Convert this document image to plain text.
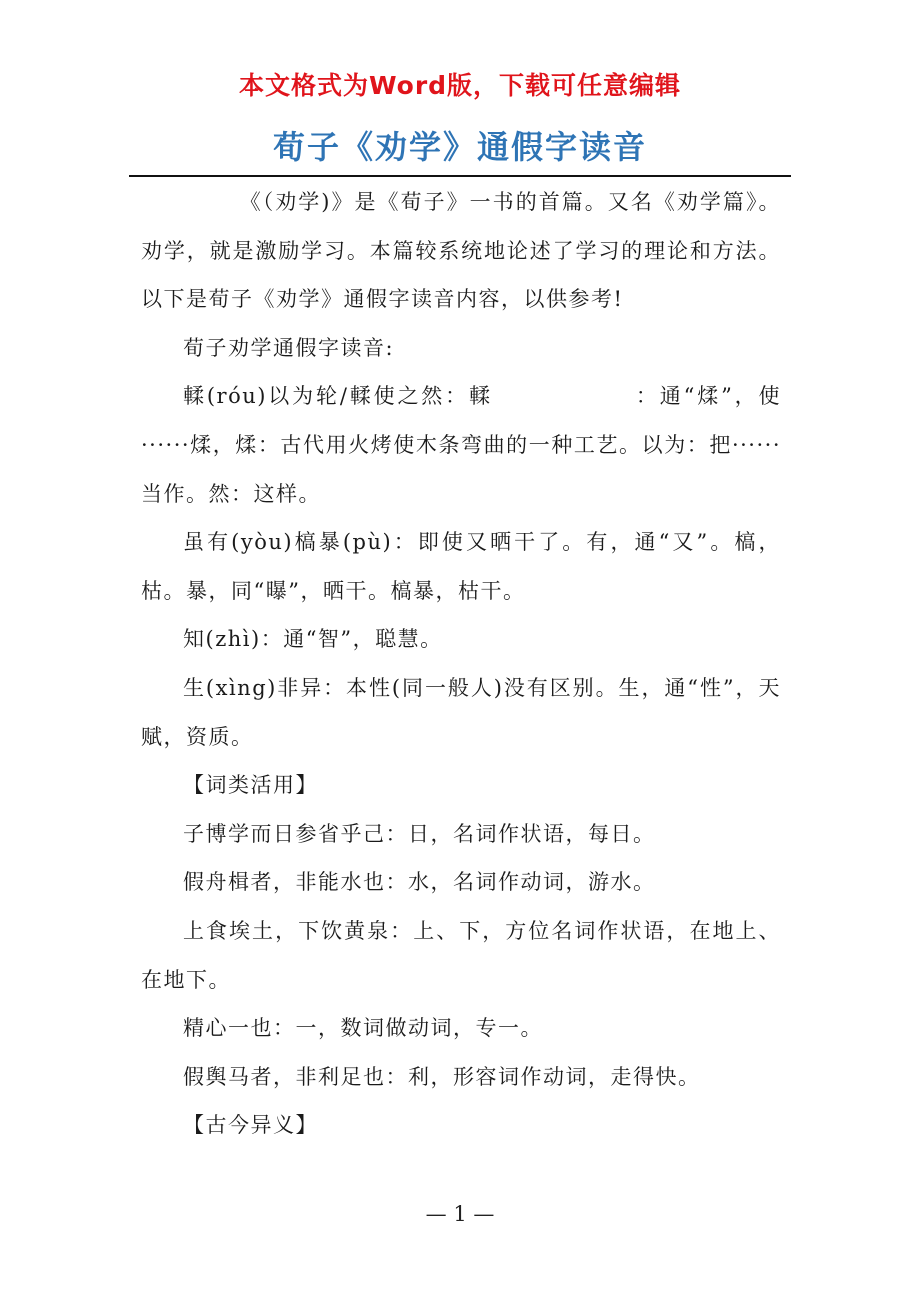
本文格式为Word版，下载可任意编辑
荀子《劝学》通假字读音

《（劝学)》是《荀子》一书的首篇。又名《劝学篇》。劝学，就是激励学习。本篇较系统地论述了学习的理论和方法。以下是荀子《劝学》通假字读音内容，以供参考!

荀子劝学通假字读音:

輮(róu)以为轮/輮使之然：輮　　　　　　：通“煣”，使······煣，煣：古代用火烤使木条弯曲的一种工艺。以为：把······当作。然：这样。

虽有(yòu)槁暴(pù)：即使又晒干了。有，通“又”。槁，枯。暴，同“曝”，晒干。槁暴，枯干。

知(zhì)：通“智”，聪慧。

生(xìng)非异：本性(同一般人)没有区别。生，通“性”，天赋，资质。

【词类活用】

子博学而日参省乎己：日，名词作状语，每日。

假舟楫者，非能水也：水，名词作动词，游水。

上食埃土，下饮黄泉：上、下，方位名词作状语，在地上、在地下。

精心一也：一，数词做动词，专一。

假舆马者，非利足也：利，形容词作动词，走得快。

【古今异义】

— 1 —
